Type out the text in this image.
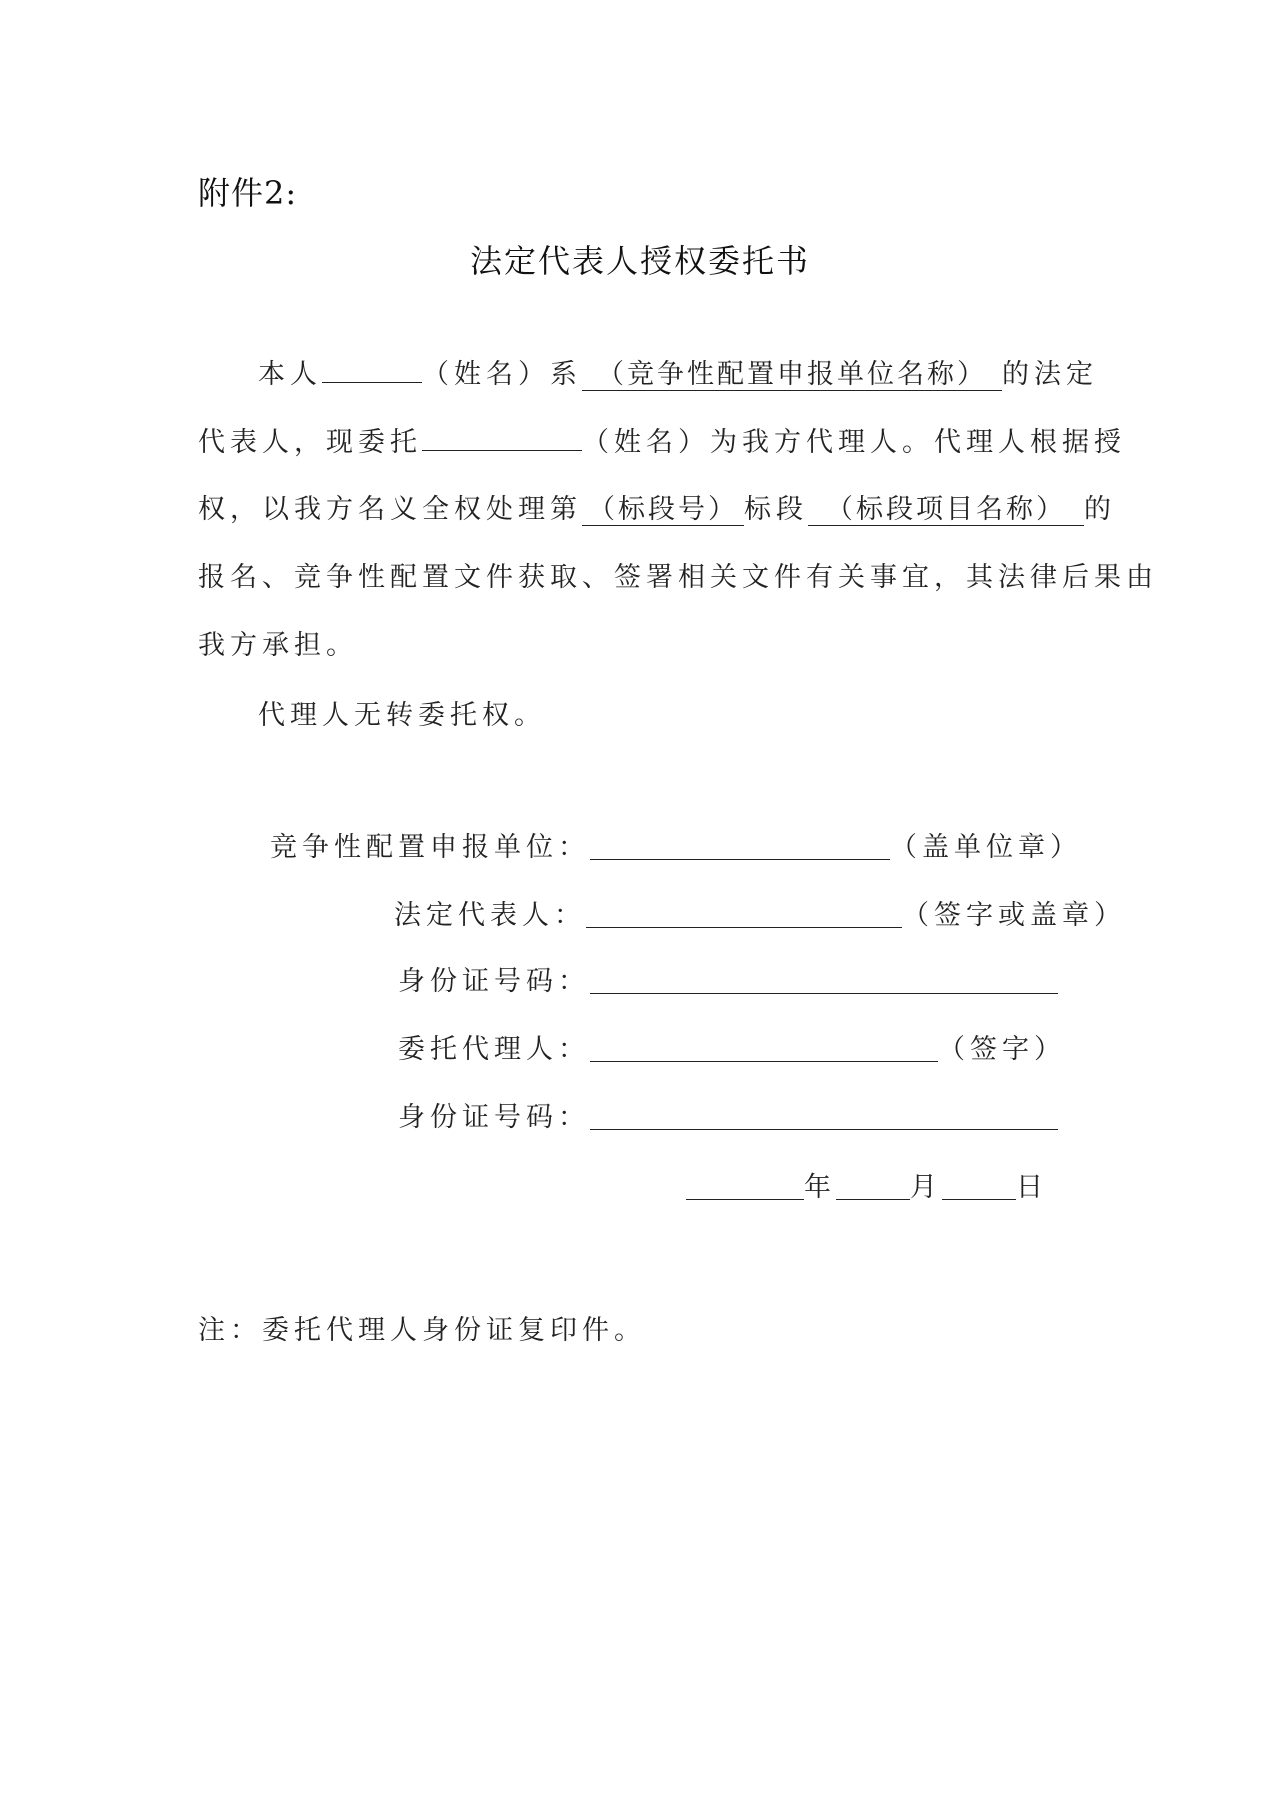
附件2:
法定代表人授权委托书
本人	（姓名）系 （竞争性配置申报单位名称） 的法定
代表人，现委托	（姓名）为我方代理人。代理人根据授
权，以我方名义全权处理第 （标段号） 标段 （标段项目名称） 的
报名、竞争性配置文件获取、签署相关文件有关事宜，其法律后果由
我方承担。
代理人无转委托权。
竞争性配置申报单位：	（盖单位章）
法定代表人：	（签字或盖章）
身份证号码：
委托代理人：	（签字）
身份证号码：
年	月	日
注：委托代理人身份证复印件。
